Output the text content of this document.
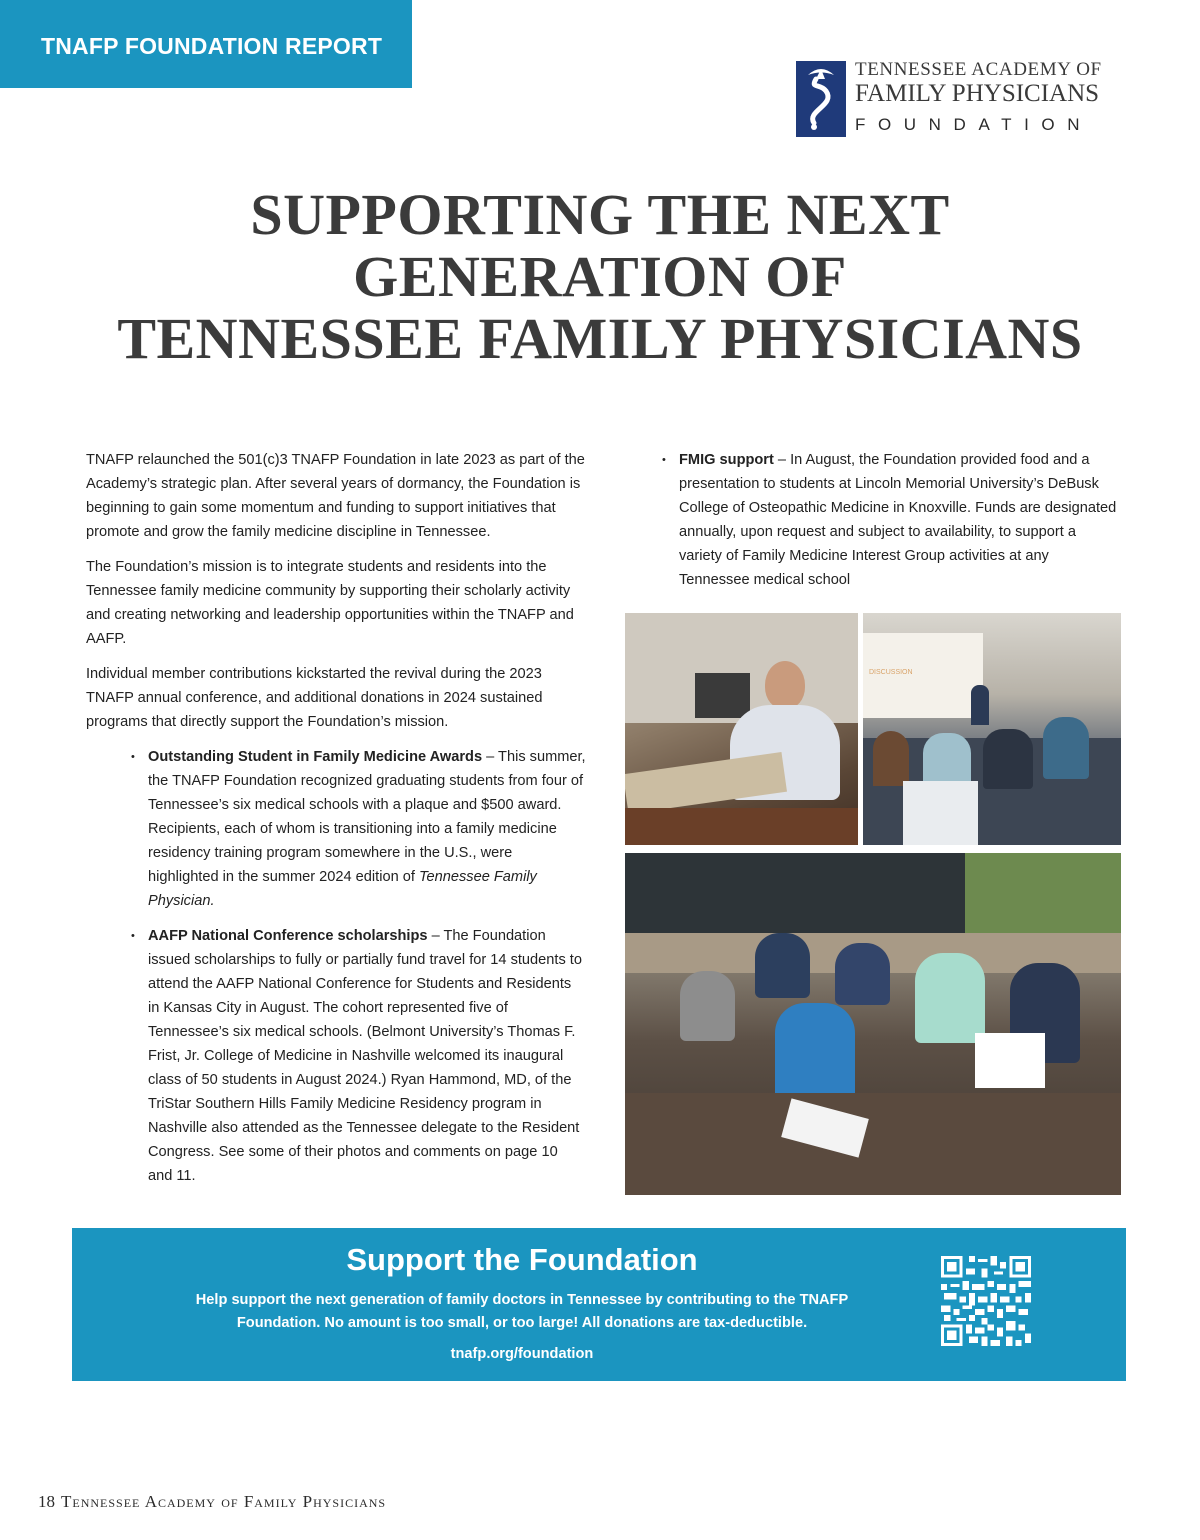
TNAFP FOUNDATION REPORT
TENNESSEE ACADEMY OF
FAMILY PHYSICIANS
FOUNDATION
SUPPORTING THE NEXT
GENERATION OF
TENNESSEE FAMILY PHYSICIANS

TNAFP relaunched the 501(c)3 TNAFP Foundation in late 2023 as part of the Academy’s strategic plan. After several years of dormancy, the Foundation is beginning to gain some momentum and funding to support initiatives that promote and grow the family medicine discipline in Tennessee.

The Foundation’s mission is to integrate students and residents into the Tennessee family medicine community by supporting their scholarly activity and creating networking and leadership opportunities within the TNAFP and AAFP.

Individual member contributions kickstarted the revival during the 2023 TNAFP annual conference, and additional donations in 2024 sustained programs that directly support the Foundation’s mission.

• Outstanding Student in Family Medicine Awards – This summer, the TNAFP Foundation recognized graduating students from four of Tennessee’s six medical schools with a plaque and $500 award. Recipients, each of whom is transitioning into a family medicine residency training program somewhere in the U.S., were highlighted in the summer 2024 edition of Tennessee Family Physician.
• AAFP National Conference scholarships – The Foundation issued scholarships to fully or partially fund travel for 14 students to attend the AAFP National Conference for Students and Residents in Kansas City in August. The cohort represented five of Tennessee’s six medical schools. (Belmont University’s Thomas F. Frist, Jr. College of Medicine in Nashville welcomed its inaugural class of 50 students in August 2024.) Ryan Hammond, MD, of the TriStar Southern Hills Family Medicine Residency program in Nashville also attended as the Tennessee delegate to the Resident Congress. See some of their photos and comments on page 10 and 11.
• FMIG support – In August, the Foundation provided food and a presentation to students at Lincoln Memorial University’s DeBusk College of Osteopathic Medicine in Knoxville. Funds are designated annually, upon request and subject to availability, to support a variety of Family Medicine Interest Group activities at any Tennessee medical school
DISCUSSION
Support the Foundation
Help support the next generation of family doctors in Tennessee by contributing to the TNAFP Foundation. No amount is too small, or too large! All donations are tax-deductible.
tnafp.org/foundation
18 Tennessee Academy of Family Physicians
